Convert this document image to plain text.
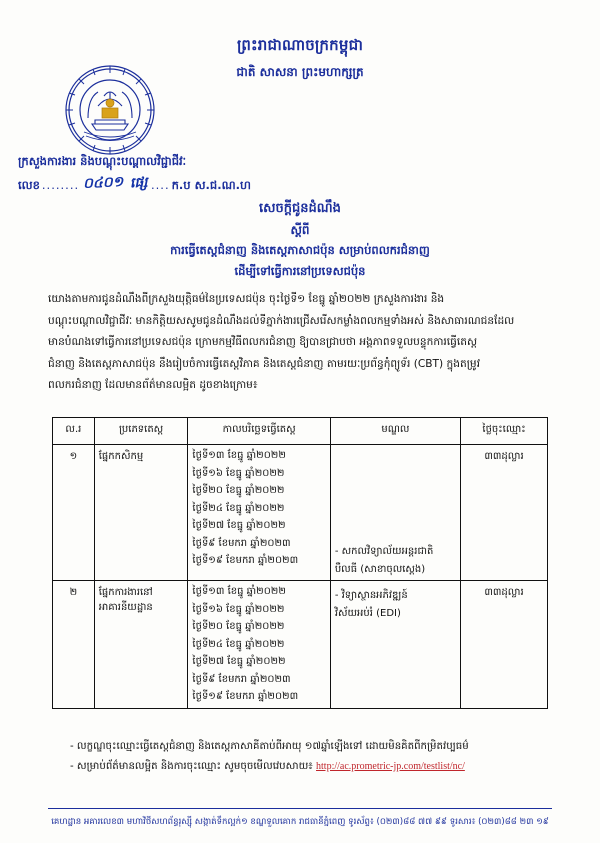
ព្រះរាជាណាចក្រកម្ពុជា
ជាតិ សាសនា ព្រះមហាក្សត្រ
ក្រសួងការងារ និងបណ្តុះបណ្តាលវិជ្ជាជីវៈ
លេខ ........ ០៤០១ ផ្សេ .... ក.ប ស.ជ.ណ.ហ
សេចក្តីជូនដំណឹង
ស្តីពី
ការធ្វើតេស្តជំនាញ និងតេស្តភាសាជប៉ុន សម្រាប់ពលករជំនាញ
ដើម្បីទៅធ្វើការនៅប្រទេសជប៉ុន

យោងតាមការជូនដំណឹងពីក្រសួងយុត្តិធម៌នៃប្រទេសជប៉ុន ចុះថ្ងៃទី១ ខែធ្នូ ឆ្នាំ២០២២ ក្រសួងការងារ និង

បណ្តុះបណ្តាលវិជ្ជាជីវៈ មានកិត្តិយសសូមជូនដំណឹងដល់ទីភ្នាក់ងារជ្រើសរើសកម្លាំងពលកម្មទាំងអស់ និងសាធារណជនដែល

មានបំណងទៅធ្វើការនៅប្រទេសជប៉ុន ក្រោមកម្មវិធីពលករជំនាញ ឱ្យបានជ្រាបថា អង្គភាពទទួលបន្ទុកការធ្វើតេស្ត

ជំនាញ និងតេស្តភាសាជប៉ុន នឹងរៀបចំការធ្វើតេស្តវិភាគ និងតេស្តជំនាញ តាមរយៈប្រព័ន្ធកុំព្យូទ័រ (CBT) ក្នុងតម្រូវ

ពលករជំនាញ ដែលមានព័ត៌មានលម្អិត ដូចខាងក្រោម៖

ល.រ	ប្រភេទតេស្ត	កាលបរិច្ឆេទធ្វើតេស្ត	មណ្ឌល	ថ្លៃចុះឈ្មោះ
១	ផ្នែកកសិកម្ម	ថ្ងៃទី១៣ ខែធ្នូ ឆ្នាំ២០២២
ថ្ងៃទី១៦ ខែធ្នូ ឆ្នាំ២០២២
ថ្ងៃទី២០ ខែធ្នូ ឆ្នាំ២០២២
ថ្ងៃទី២៤ ខែធ្នូ ឆ្នាំ២០២២
ថ្ងៃទី២៧ ខែធ្នូ ឆ្នាំ២០២២
ថ្ងៃទី៩ ខែមករា ឆ្នាំ២០២៣
ថ្ងៃទី១៩ ខែមករា ឆ្នាំ២០២៣

- សកលវិទ្យាល័យអន្តរជាតិ
បឺលធី (សាខាចុលស្តេង)
	៣៣ដុល្លារ
២	ផ្នែកការងារនៅអាគារនីយដ្ឋាន	
ថ្ងៃទី១៣ ខែធ្នូ ឆ្នាំ២០២២
ថ្ងៃទី១៦ ខែធ្នូ ឆ្នាំ២០២២
ថ្ងៃទី២០ ខែធ្នូ ឆ្នាំ២០២២
ថ្ងៃទី២៤ ខែធ្នូ ឆ្នាំ២០២២
ថ្ងៃទី២៧ ខែធ្នូ ឆ្នាំ២០២២
ថ្ងៃទី៩ ខែមករា ឆ្នាំ២០២៣
ថ្ងៃទី១៩ ខែមករា ឆ្នាំ២០២៣

- វិទ្យាស្ថានអភិវឌ្ឍន៍
វិស័យអប់រំ (EDI)
	៣៣ដុល្លារ
- លក្ខណ្ឌចុះឈ្មោះធ្វើតេស្តជំនាញ និងតេស្តភាសាគីតាប់ពីអាយុ ១៧ឆ្នាំឡើងទៅ ដោយមិនគិតពីកម្រិតវប្បធម៌
- សម្រាប់ព័ត៌មានលម្អិត និងការចុះឈ្មោះ សូមចុចមើលវេបសាយ៖ http://ac.prometric-jp.com/testlist/nc/
គេហដ្ឋាន អគារលេខ៣ មហាវិថីសហព័ន្ធរុស្ស៊ី សង្កាត់ទឹកល្អក់១ ខណ្ឌទួលគោក រាជធានីភ្នំពេញ ទូរស័ព្ទ៖ (០២៣)៨៨ ៧៧ ៩៩ ទូរសារ៖ (០២៣)៨៨ ២៣ ១៩
